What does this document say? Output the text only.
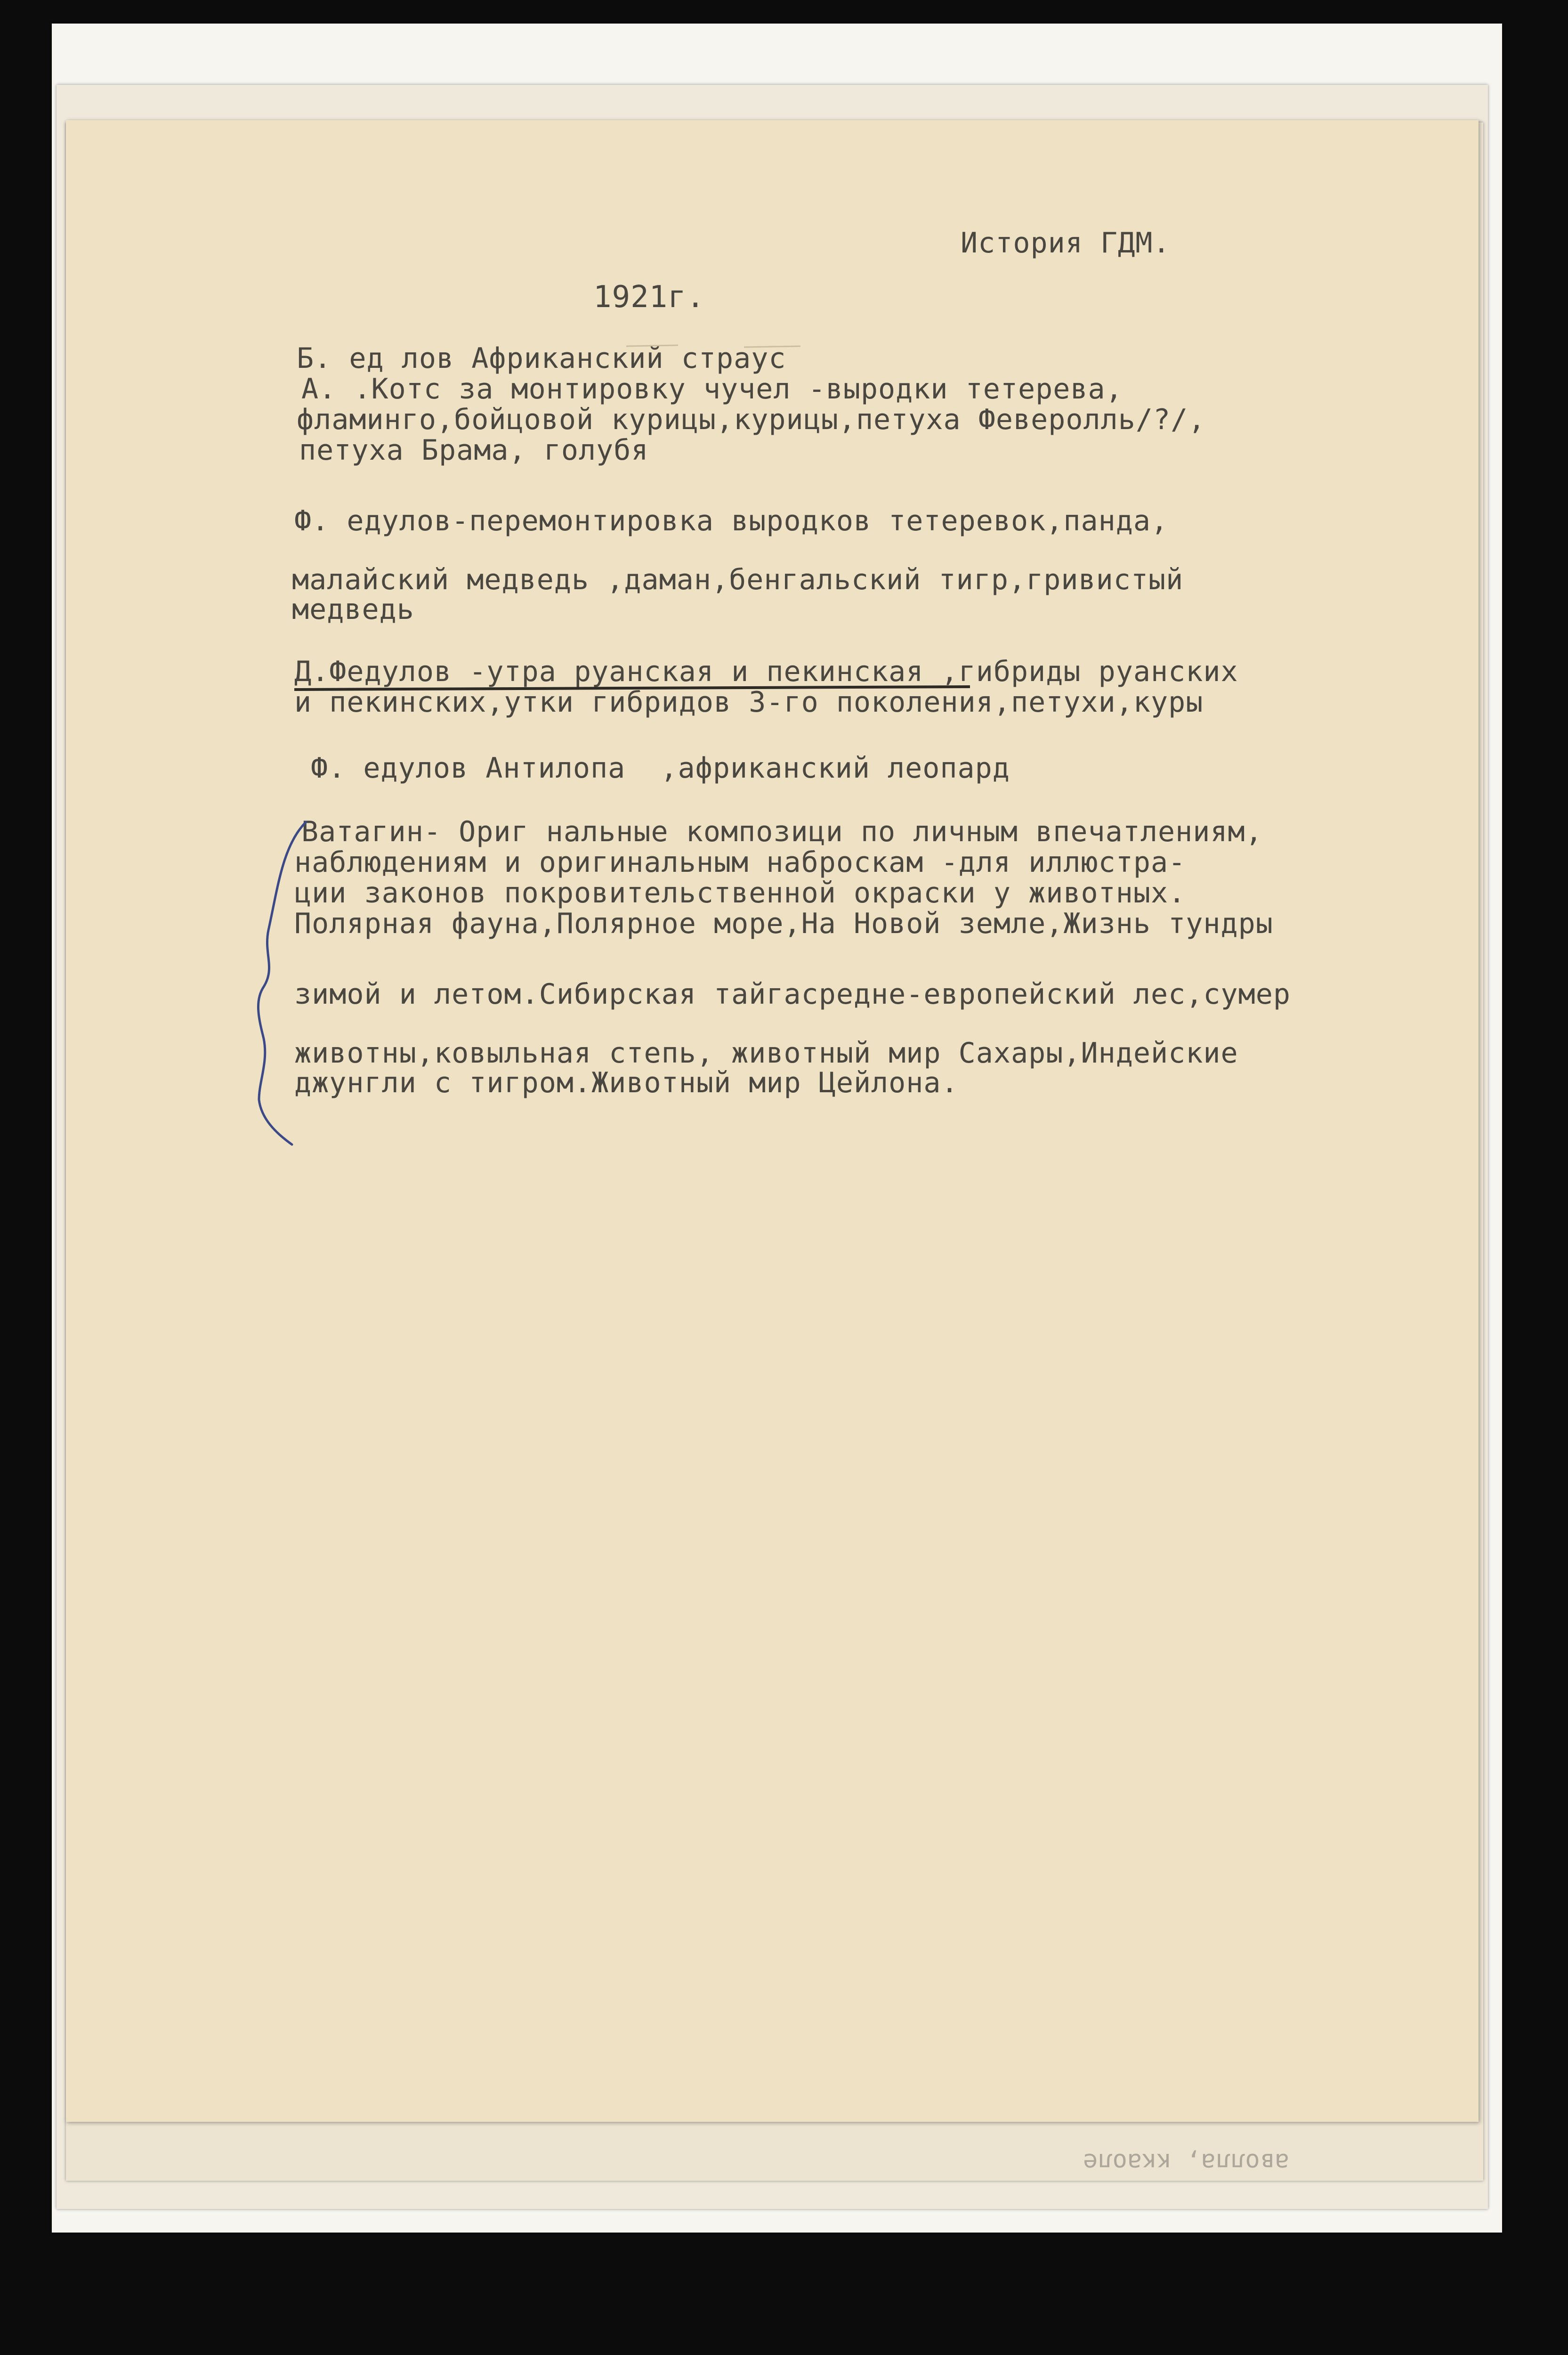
История ГДМ.
1921г.
Б. ед лов Африканский страус
А. .Котс за монтировку чучел -выродки тетерева,
фламинго,бойцовой курицы,курицы,петуха Феверолль/?/,
петуха Брама, голубя
Ф. едулов-перемонтировка выродков тетеревок,панда,
малайский медведь ,даман,бенгальский тигр,гривистый
медведь
Д.Федулов -утра руанская и пекинская ,гибриды руанских
и пекинских,утки гибридов 3-го поколения,петухи,куры
Ф. едулов Антилопа  ,африканский леопард
Ватагин- Ориг нальные композици по личным впечатлениям,
наблюдениям и оригинальным наброскам -для иллюстра-
ции законов покровительственной окраски у животных.
Полярная фауна,Полярное море,На Новой земле,Жизнь тундры
зимой и летом.Сибирская тайгасредне-европейский лес,сумер
животны,ковыльная степь, животный мир Сахары,Индейские
джунгли с тигром.Животный мир Цейлона.
аволла, ккаоле
